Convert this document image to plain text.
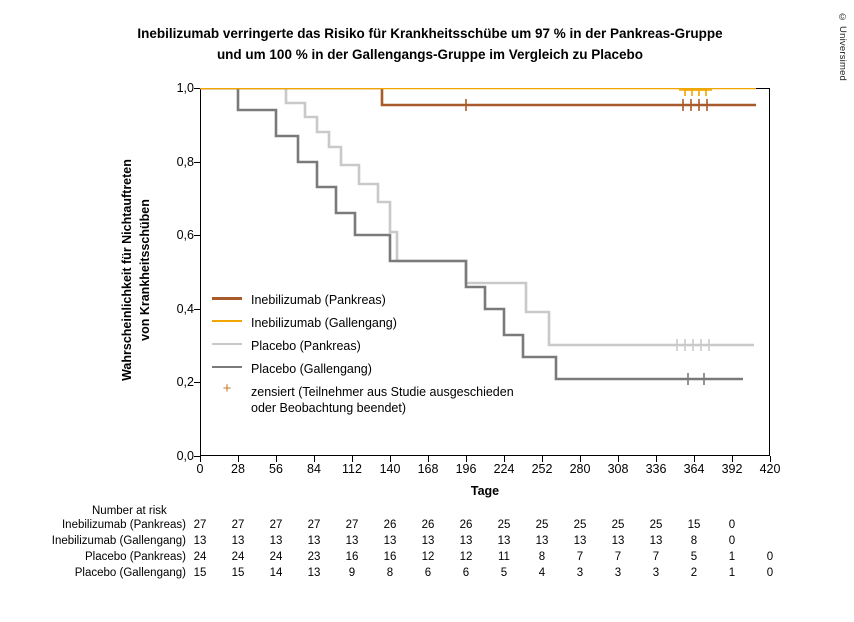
© Universimed
Inebilizumab verringerte das Risiko für Krankheitsschübe um 97 % in der Pankreas-Gruppe
und um 100 % in der Gallengangs-Gruppe im Vergleich zu Placebo
Wahrscheinlichkeit für Nichtauftreten von Krankheitsschüben
0,0
0,2
0,4
0,6
0,8
1,0
Inebilizumab (Pankreas)
Inebilizumab (Gallengang)
Placebo (Pankreas)
Placebo (Gallengang)
+	zensiert (Teilnehmer aus Studie ausgeschieden
oder Beobachtung beendet)
0	28	56	84	112	140	168	196	224	252	280	308	336	364	392	420
Tage
Number at risk
Inebilizumab (Pankreas) 27	27	27	27	27	26	26	26	25	25	25	25	25	15	0
Inebilizumab (Gallengang) 13	13	13	13	13	13	13	13	13	13	13	13	13	8	0
Placebo (Pankreas) 24	24	24	23	16	16	12	12	11	8	7	7	7	5	1	0
Placebo (Gallengang) 15	15	14	13	9	8	6	6	5	4	3	3	3	2	1	0
